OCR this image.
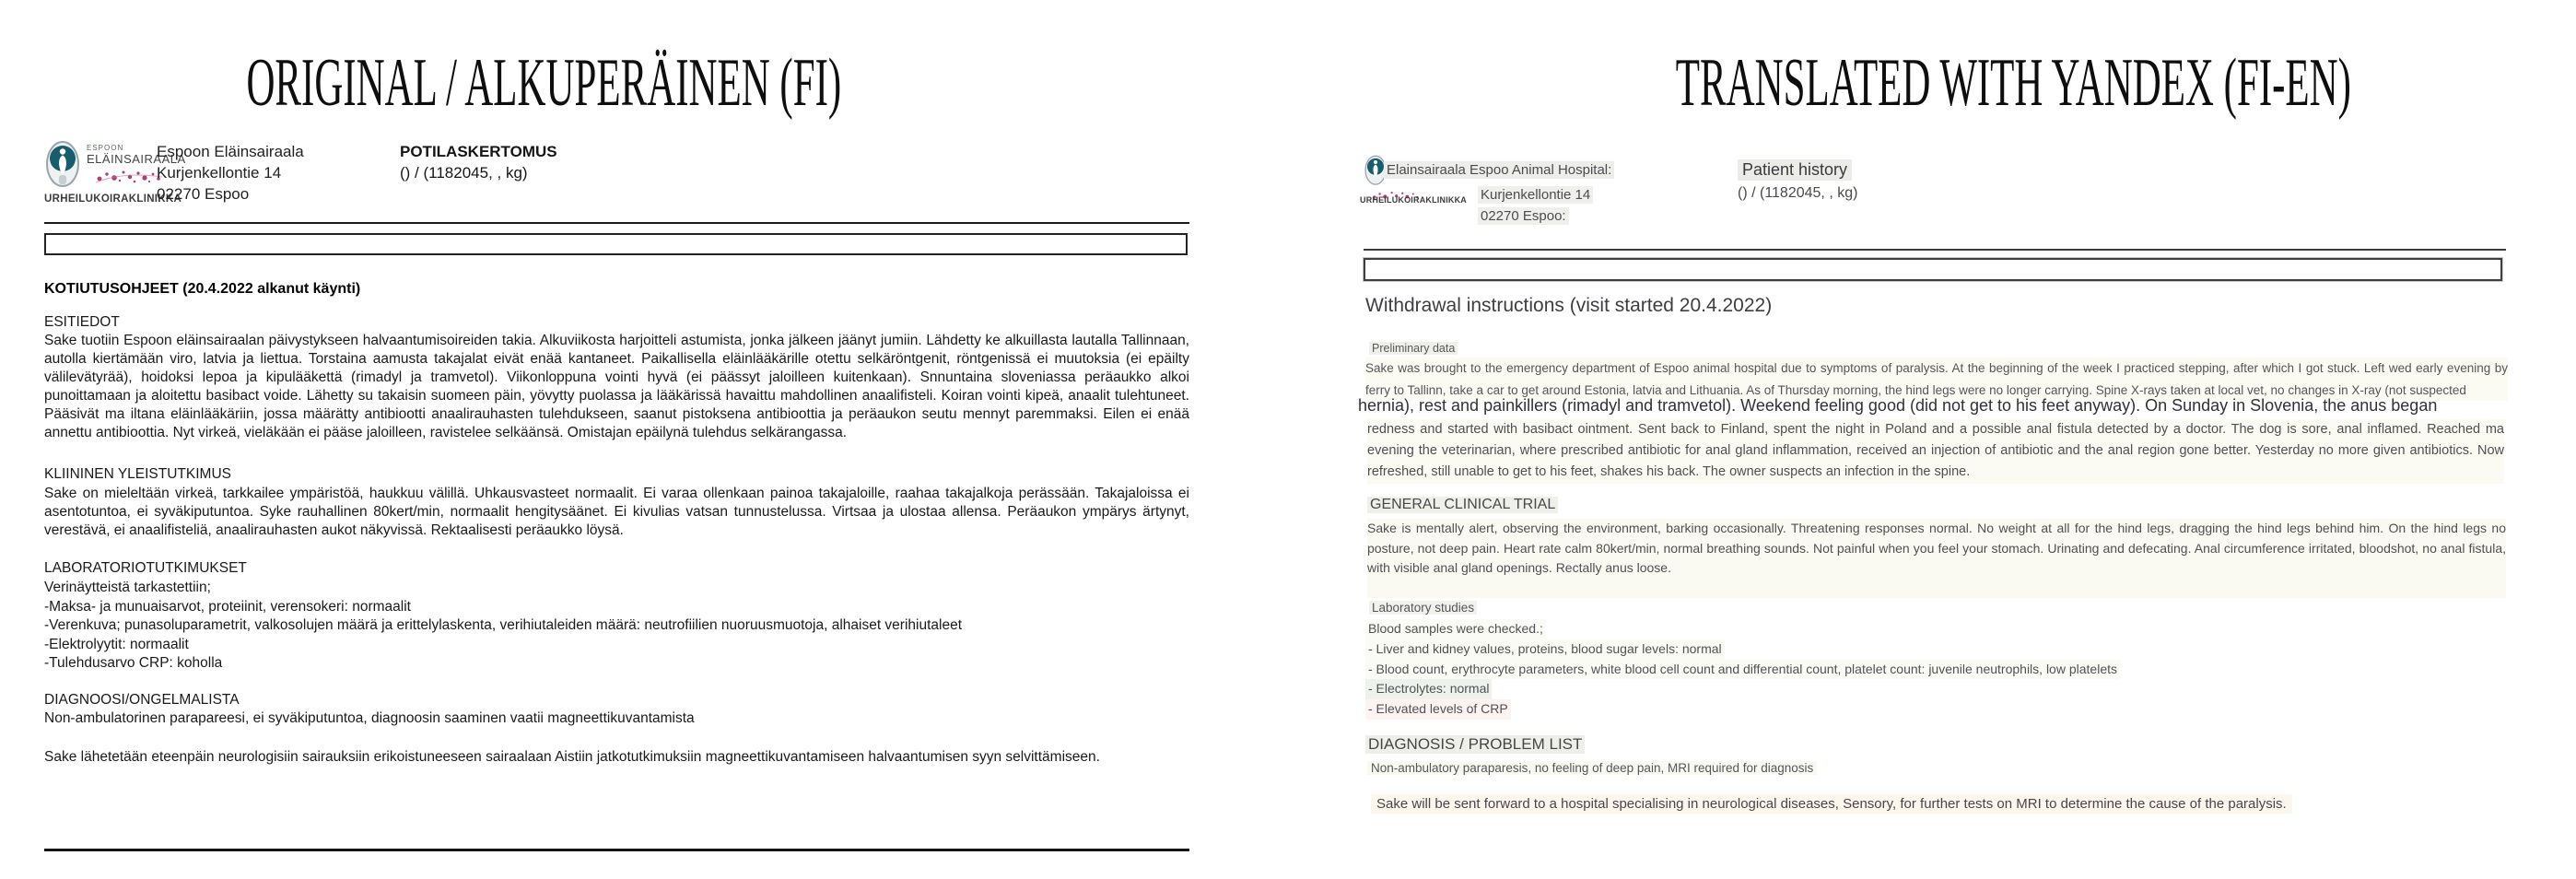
ORIGINAL / ALKUPERÄINEN (FI)
ESPOON
ELÄINSAIRAALA
URHEILUKOIRAKLINIKKA
Espoon Eläinsairaala
Kurjenkellontie 14
02270 Espoo
POTILASKERTOMUS
() / (1182045, , kg)
KOTIUTUSOHJEET (20.4.2022 alkanut käynti)
ESITIEDOT
Sake tuotiin Espoon eläinsairaalan päivystykseen halvaantumisoireiden takia. Alkuviikosta harjoitteli astumista, jonka jälkeen jäänyt jumiin. Lähdetty ke alkuillasta lautalla Tallinnaan, autolla kiertämään viro, latvia ja liettua. Torstaina aamusta takajalat eivät enää kantaneet. Paikallisella eläinlääkärille otettu selkäröntgenit, röntgenissä ei muutoksia (ei epäilty välilevätyrää), hoidoksi lepoa ja kipulääkettä (rimadyl ja tramvetol). Viikonloppuna vointi hyvä (ei päässyt jaloilleen kuitenkaan). Snnuntaina sloveniassa peräaukko alkoi punoittamaan ja aloitettu basibact voide. Lähetty su takaisin suomeen päin, yövytty puolassa ja lääkärissä havaittu mahdollinen anaalifisteli. Koiran vointi kipeä, anaalit tulehtuneet. Pääsivät ma iltana eläinlääkäriin, jossa määrätty antibiootti anaalirauhasten tulehdukseen, saanut pistoksena antibioottia ja peräaukon seutu mennyt paremmaksi. Eilen ei enää annettu antibioottia. Nyt virkeä, vieläkään ei pääse jaloilleen, ravistelee selkäänsä. Omistajan epäilynä tulehdus selkärangassa.
KLIININEN YLEISTUTKIMUS
Sake on mieleltään virkeä, tarkkailee ympäristöä, haukkuu välillä. Uhkausvasteet normaalit. Ei varaa ollenkaan painoa takajaloille, raahaa takajalkoja perässään. Takajaloissa ei asentotuntoa, ei syväkiputuntoa. Syke rauhallinen 80kert/min, normaalit hengitysäänet. Ei kivulias vatsan tunnustelussa. Virtsaa ja ulostaa allensa. Peräaukon ympärys ärtynyt, verestävä, ei anaalifisteliä, anaalirauhasten aukot näkyvissä. Rektaalisesti peräaukko löysä.
LABORATORIOTUTKIMUKSET
Verinäytteistä tarkastettiin;
-Maksa- ja munuaisarvot, proteiinit, verensokeri: normaalit
-Verenkuva; punasoluparametrit, valkosolujen määrä ja erittelylaskenta, verihiutaleiden määrä: neutrofiilien nuoruusmuotoja, alhaiset verihiutaleet
-Elektrolyytit: normaalit
-Tulehdusarvo CRP: koholla
DIAGNOOSI/ONGELMALISTA
Non-ambulatorinen parapareesi, ei syväkiputuntoa, diagnoosin saaminen vaatii magneettikuvantamista
Sake lähetetään eteenpäin neurologisiin sairauksiin erikoistuneeseen sairaalaan Aistiin jatkotutkimuksiin magneettikuvantamiseen halvaantumisen syyn selvittämiseen.
TRANSLATED WITH YANDEX (FI-EN)
URHEILUKOIRAKLINIKKA
Elainsairaala Espoo Animal Hospital:
Kurjenkellontie 14
02270 Espoo:
Patient history
() / (1182045, , kg)
Withdrawal instructions (visit started 20.4.2022)
Preliminary data
Sake was brought to the emergency department of Espoo animal hospital due to symptoms of paralysis. At the beginning of the week I practiced stepping, after which I got stuck. Left wed early evening by ferry to Tallinn, take a car to get around Estonia, latvia and Lithuania. As of Thursday morning, the hind legs were no longer carrying. Spine X-rays taken at local vet, no changes in X-ray (not suspected
hernia), rest and painkillers (rimadyl and tramvetol). Weekend feeling good (did not get to his feet anyway). On Sunday in Slovenia, the anus began
redness and started with basibact ointment. Sent back to Finland, spent the night in Poland and a possible anal fistula detected by a doctor. The dog is sore, anal inflamed. Reached ma evening the veterinarian, where prescribed antibiotic for anal gland inflammation, received an injection of antibiotic and the anal region gone better. Yesterday no more given antibiotics. Now refreshed, still unable to get to his feet, shakes his back. The owner suspects an infection in the spine.
GENERAL CLINICAL TRIAL
Sake is mentally alert, observing the environment, barking occasionally. Threatening responses normal. No weight at all for the hind legs, dragging the hind legs behind him. On the hind legs no posture, not deep pain. Heart rate calm 80kert/min, normal breathing sounds. Not painful when you feel your stomach. Urinating and defecating. Anal circumference irritated, bloodshot, no anal fistula, with visible anal gland openings. Rectally anus loose.
Laboratory studies
Blood samples were checked.;
- Liver and kidney values, proteins, blood sugar levels: normal
- Blood count, erythrocyte parameters, white blood cell count and differential count, platelet count: juvenile neutrophils, low platelets
- Electrolytes: normal
- Elevated levels of CRP
DIAGNOSIS / PROBLEM LIST
Non-ambulatory paraparesis, no feeling of deep pain, MRI required for diagnosis
Sake will be sent forward to a hospital specialising in neurological diseases, Sensory, for further tests on MRI to determine the cause of the paralysis.
